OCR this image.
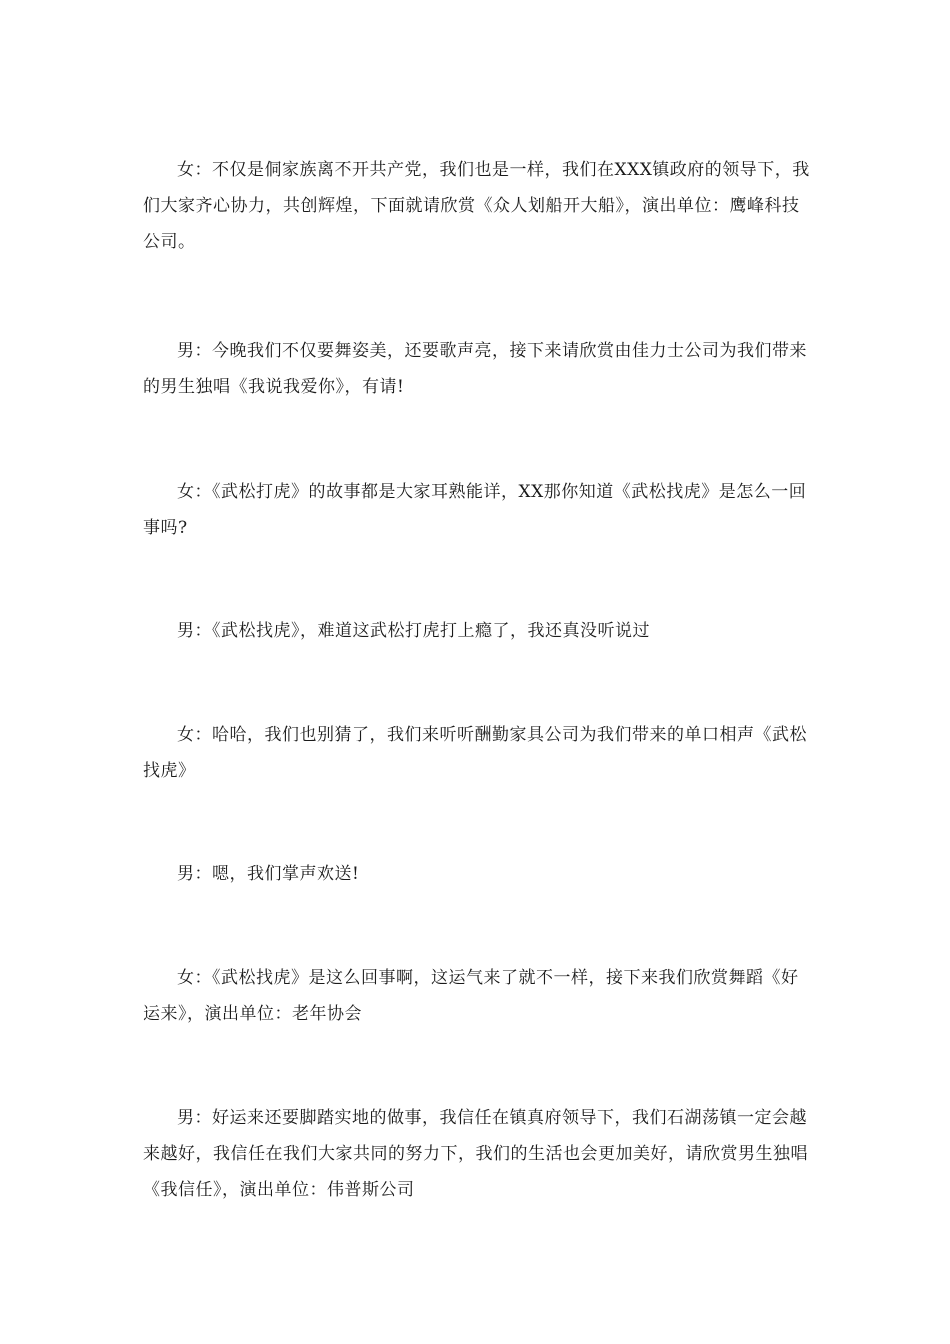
女：不仅是侗家族离不开共产党，我们也是一样，我们在XXX镇政府的领导下，我们大家齐心协力，共创辉煌，下面就请欣赏《众人划船开大船》，演出单位：鹰峰科技公司。

男：今晚我们不仅要舞姿美，还要歌声亮，接下来请欣赏由佳力士公司为我们带来的男生独唱《我说我爱你》，有请!

女：《武松打虎》的故事都是大家耳熟能详，XX那你知道《武松找虎》是怎么一回事吗?

男：《武松找虎》，难道这武松打虎打上瘾了，我还真没听说过

女：哈哈，我们也别猜了，我们来听听酬勤家具公司为我们带来的单口相声《武松找虎》

男：嗯，我们掌声欢送!

女：《武松找虎》是这么回事啊，这运气来了就不一样，接下来我们欣赏舞蹈《好运来》，演出单位：老年协会

男：好运来还要脚踏实地的做事，我信任在镇真府领导下，我们石湖荡镇一定会越来越好，我信任在我们大家共同的努力下，我们的生活也会更加美好，请欣赏男生独唱《我信任》，演出单位：伟普斯公司
